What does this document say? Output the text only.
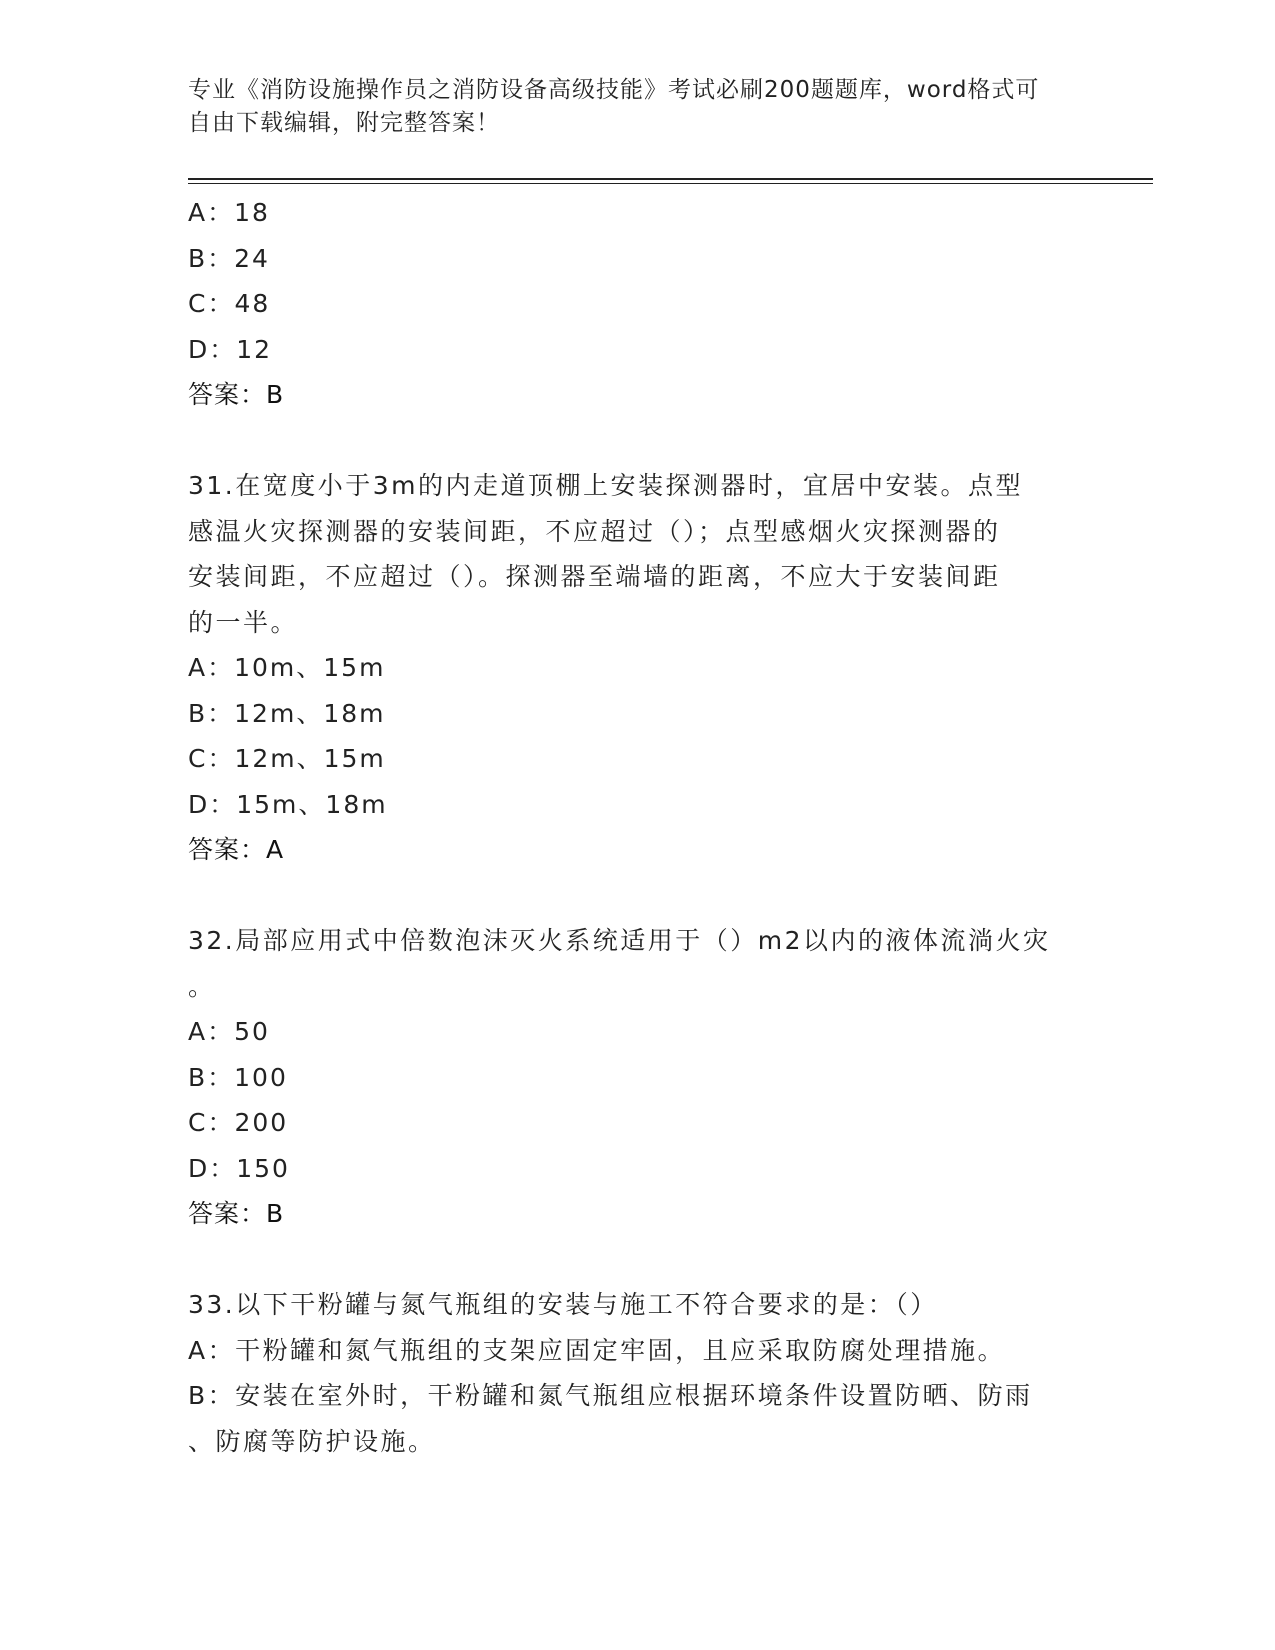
专业《消防设施操作员之消防设备高级技能》考试必刷200题题库，word格式可
自由下载编辑，附完整答案！
A：18
B：24
C：48
D：12
答案：B
31.在宽度小于3m的内走道顶棚上安装探测器时，宜居中安装。点型
感温火灾探测器的安装间距，不应超过（）；点型感烟火灾探测器的
安装间距，不应超过（）。探测器至端墙的距离，不应大于安装间距
的一半。
A：10m、15m
B：12m、18m
C：12m、15m
D：15m、18m
答案：A
32.局部应用式中倍数泡沫灭火系统适用于（）m2以内的液体流淌火灾
。
A：50
B：100
C：200
D：150
答案：B
33.以下干粉罐与氮气瓶组的安装与施工不符合要求的是：（）
A：干粉罐和氮气瓶组的支架应固定牢固，且应采取防腐处理措施。
B：安装在室外时，干粉罐和氮气瓶组应根据环境条件设置防晒、防雨
、防腐等防护设施。
